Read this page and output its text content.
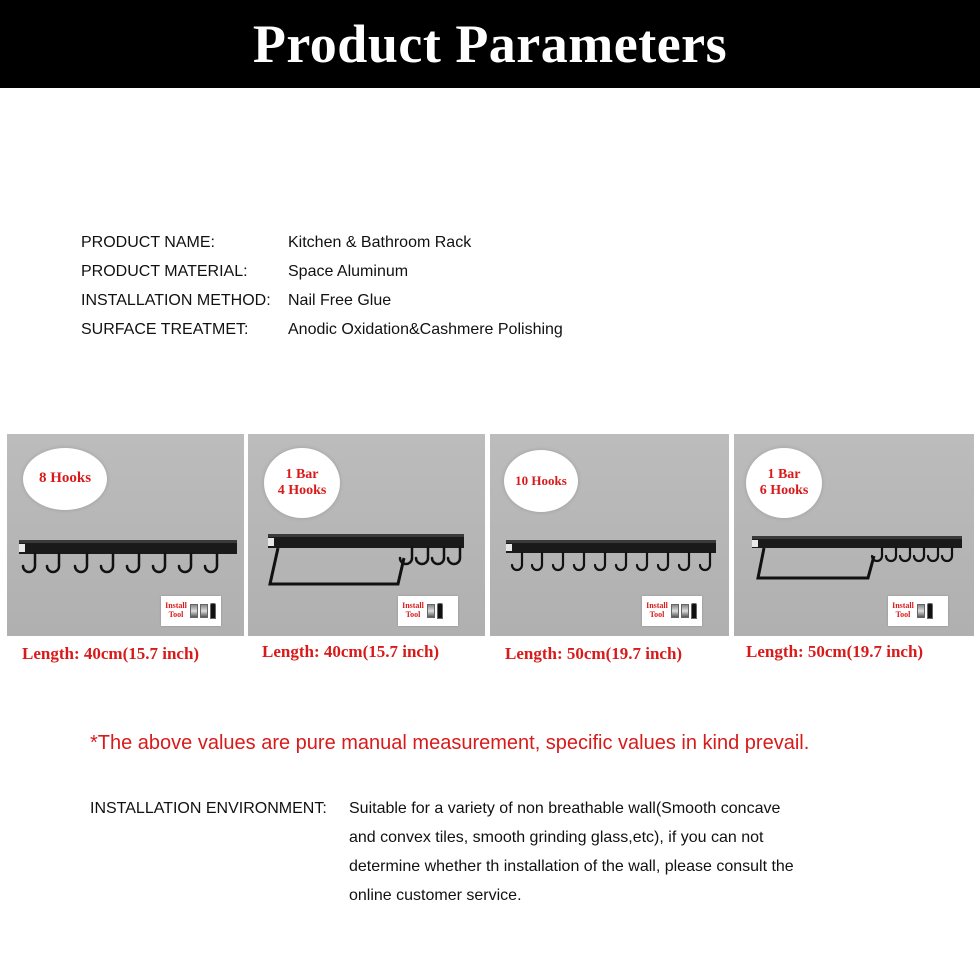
Product Parameters
PRODUCT NAME:	Kitchen & Bathroom Rack
PRODUCT MATERIAL:	Space Aluminum
INSTALLATION METHOD:	Nail Free Glue
SURFACE TREATMET:	Anodic Oxidation&Cashmere Polishing
8 Hooks
Install
Tool
1 Bar
4 Hooks
Install
Tool
10 Hooks
Install
Tool
1 Bar
6 Hooks
Install
Tool
Length: 40cm(15.7 inch)	Length: 40cm(15.7 inch)	Length: 50cm(19.7 inch)	Length: 50cm(19.7 inch)
*The above values are pure manual measurement, specific values in kind prevail.
INSTALLATION ENVIRONMENT: Suitable for a variety of non breathable wall(Smooth concave
and convex tiles, smooth grinding glass,etc), if you can not
determine whether th installation of the wall, please consult the
online customer service.
